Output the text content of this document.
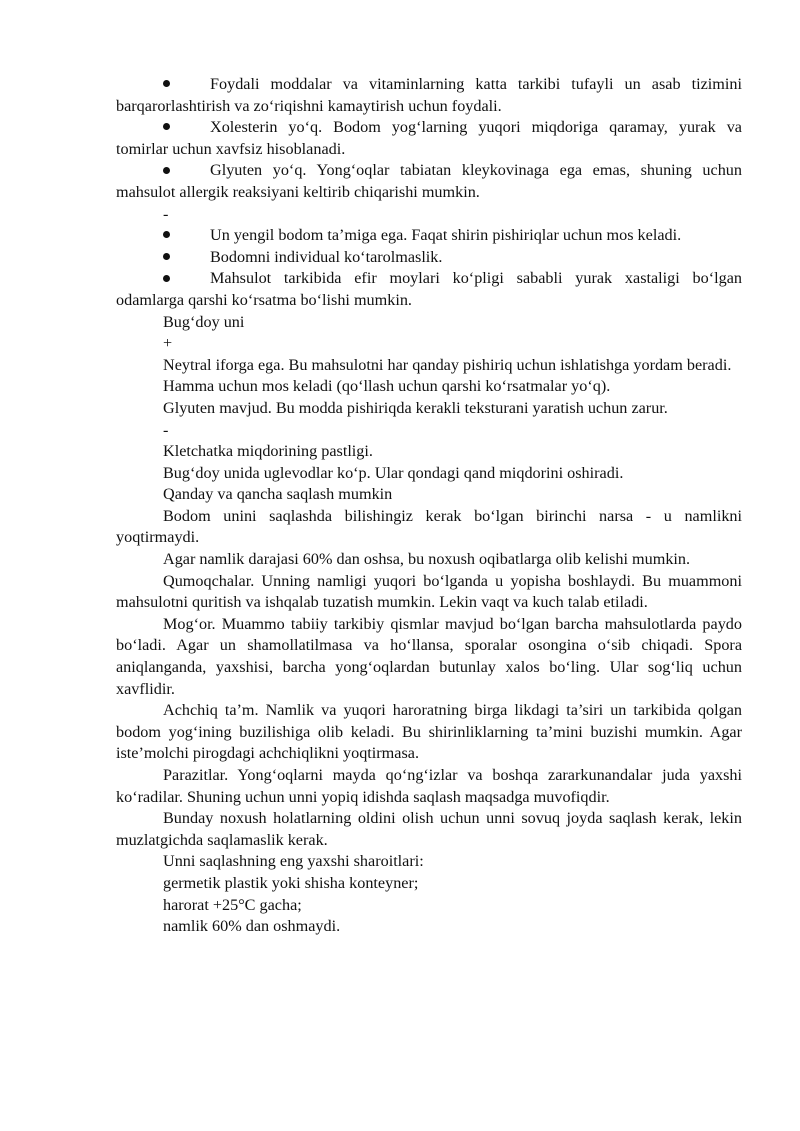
Foydali moddalar va vitaminlarning katta tarkibi tufayli un asab tizimini barqarorlashtirish va zo‘riqishni kamaytirish uchun foydali.

Xolesterin yo‘q. Bodom yog‘larning yuqori miqdoriga qaramay, yurak va tomirlar uchun xavfsiz hisoblanadi.

Glyuten yo‘q. Yong‘oqlar tabiatan kleykovinaga ega emas, shuning uchun mahsulot allergik reaksiyani keltirib chiqarishi mumkin.

-

Un yengil bodom ta’miga ega. Faqat shirin pishiriqlar uchun mos keladi.

Bodomni individual ko‘tarolmaslik.

Mahsulot tarkibida efir moylari ko‘pligi sababli yurak xastaligi bo‘lgan odamlarga qarshi ko‘rsatma bo‘lishi mumkin.

Bug‘doy uni

+

Neytral iforga ega. Bu mahsulotni har qanday pishiriq uchun ishlatishga yordam beradi.

Hamma uchun mos keladi (qo‘llash uchun qarshi ko‘rsatmalar yo‘q).

Glyuten mavjud. Bu modda pishiriqda kerakli teksturani yaratish uchun zarur.

-

Kletchatka miqdorining pastligi.

Bug‘doy unida uglevodlar ko‘p. Ular qondagi qand miqdorini oshiradi.

Qanday va qancha saqlash mumkin

Bodom unini saqlashda bilishingiz kerak bo‘lgan birinchi narsa - u namlikni yoqtirmaydi.

Agar namlik darajasi 60% dan oshsa, bu noxush oqibatlarga olib kelishi mumkin.

Qumoqchalar. Unning namligi yuqori bo‘lganda u yopisha boshlaydi. Bu muammoni mahsulotni quritish va ishqalab tuzatish mumkin. Lekin vaqt va kuch talab etiladi.

Mog‘or. Muammo tabiiy tarkibiy qismlar mavjud bo‘lgan barcha mahsulotlarda paydo bo‘ladi. Agar un shamollatilmasa va ho‘llansa, sporalar osongina o‘sib chiqadi. Spora aniqlanganda, yaxshisi, barcha yong‘oqlardan butunlay xalos bo‘ling. Ular sog‘liq uchun xavflidir.

Achchiq ta’m. Namlik va yuqori haroratning birga likdagi ta’siri un tarkibida qolgan bodom yog‘ining buzilishiga olib keladi. Bu shirinliklarning ta’mini buzishi mumkin. Agar iste’molchi pirogdagi achchiqlikni yoqtirmasa.

Parazitlar. Yong‘oqlarni mayda qo‘ng‘izlar va boshqa zararkunandalar juda yaxshi ko‘radilar. Shuning uchun unni yopiq idishda saqlash maqsadga muvofiqdir.

Bunday noxush holatlarning oldini olish uchun unni sovuq joyda saqlash kerak, lekin muzlatgichda saqlamaslik kerak.

Unni saqlashning eng yaxshi sharoitlari:

germetik plastik yoki shisha konteyner;

harorat +25°C gacha;

namlik 60% dan oshmaydi.
